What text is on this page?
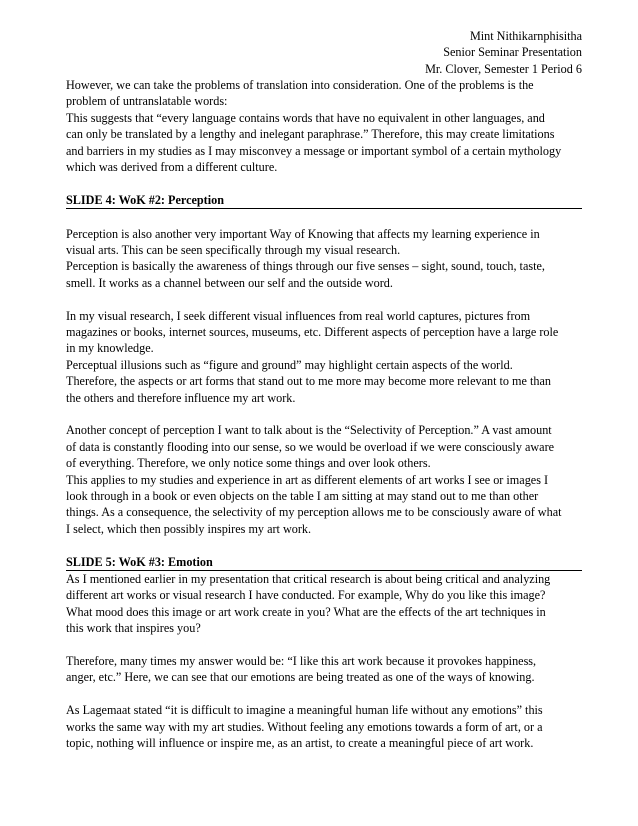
Mint Nithikarnphisitha
Senior Seminar Presentation
Mr. Clover, Semester 1 Period 6

However, we can take the problems of translation into consideration. One of the problems is the
problem of untranslatable words:

This suggests that “every language contains words that have no equivalent in other languages, and
can only be translated by a lengthy and inelegant paraphrase.” Therefore, this may create limitations
and barriers in my studies as I may misconvey a message or important symbol of a certain mythology
which was derived from a different culture.

SLIDE 4: WoK #2: Perception

Perception is also another very important Way of Knowing that affects my learning experience in
visual arts. This can be seen specifically through my visual research.

Perception is basically the awareness of things through our five senses – sight, sound, touch, taste,
smell. It works as a channel between our self and the outside word.

In my visual research, I seek different visual influences from real world captures, pictures from
magazines or books, internet sources, museums, etc. Different aspects of perception have a large role
in my knowledge.

Perceptual illusions such as “figure and ground” may highlight certain aspects of the world.
Therefore, the aspects or art forms that stand out to me more may become more relevant to me than
the others and therefore influence my art work.

Another concept of perception I want to talk about is the “Selectivity of Perception.” A vast amount
of data is constantly flooding into our sense, so we would be overload if we were consciously aware
of everything. Therefore, we only notice some things and over look others.

This applies to my studies and experience in art as different elements of art works I see or images I
look through in a book or even objects on the table I am sitting at may stand out to me than other
things. As a consequence, the selectivity of my perception allows me to be consciously aware of what
I select, which then possibly inspires my art work.

SLIDE 5: WoK #3: Emotion

As I mentioned earlier in my presentation that critical research is about being critical and analyzing
different art works or visual research I have conducted. For example, Why do you like this image?
What mood does this image or art work create in you? What are the effects of the art techniques in
this work that inspires you?

Therefore, many times my answer would be: “I like this art work because it provokes happiness,
anger, etc.” Here, we can see that our emotions are being treated as one of the ways of knowing.

As Lagemaat stated “it is difficult to imagine a meaningful human life without any emotions” this
works the same way with my art studies. Without feeling any emotions towards a form of art, or a
topic, nothing will influence or inspire me, as an artist, to create a meaningful piece of art work.
